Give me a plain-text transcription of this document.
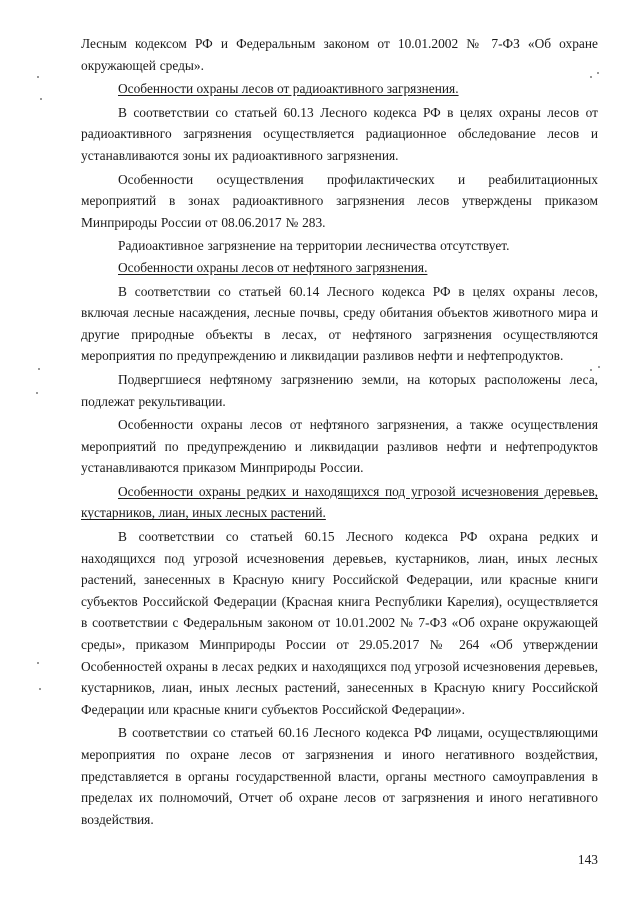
Лесным кодексом РФ и Федеральным законом от 10.01.2002 № 7-ФЗ «Об охране окружающей среды».

Особенности охраны лесов от радиоактивного загрязнения.

В соответствии со статьей 60.13 Лесного кодекса РФ в целях охраны лесов от радиоактивного загрязнения осуществляется радиационное обследование лесов и устанавливаются зоны их радиоактивного загрязнения.

Особенности осуществления профилактических и реабилитационных мероприятий в зонах радиоактивного загрязнения лесов утверждены приказом Минприроды России от 08.06.2017 № 283.

Радиоактивное загрязнение на территории лесничества отсутствует.

Особенности охраны лесов от нефтяного загрязнения.

В соответствии со статьей 60.14 Лесного кодекса РФ в целях охраны лесов, включая лесные насаждения, лесные почвы, среду обитания объектов животного мира и другие природные объекты в лесах, от нефтяного загрязнения осуществляются мероприятия по предупреждению и ликвидации разливов нефти и нефтепродуктов.

Подвергшиеся нефтяному загрязнению земли, на которых расположены леса, подлежат рекультивации.

Особенности охраны лесов от нефтяного загрязнения, а также осуществления мероприятий по предупреждению и ликвидации разливов нефти и нефтепродуктов устанавливаются приказом Минприроды России.

Особенности охраны редких и находящихся под угрозой исчезновения деревьев, кустарников, лиан, иных лесных растений.

В соответствии со статьей 60.15 Лесного кодекса РФ охрана редких и находящихся под угрозой исчезновения деревьев, кустарников, лиан, иных лесных растений, занесенных в Красную книгу Российской Федерации, или красные книги субъектов Российской Федерации (Красная книга Республики Карелия), осуществляется в соответствии с Федеральным законом от 10.01.2002 № 7-ФЗ «Об охране окружающей среды», приказом Минприроды России от 29.05.2017 № 264 «Об утверждении Особенностей охраны в лесах редких и находящихся под угрозой исчезновения деревьев, кустарников, лиан, иных лесных растений, занесенных в Красную книгу Российской Федерации или красные книги субъектов Российской Федерации».

В соответствии со статьей 60.16 Лесного кодекса РФ лицами, осуществляющими мероприятия по охране лесов от загрязнения и иного негативного воздействия, представляется в органы государственной власти, органы местного самоуправления в пределах их полномочий, Отчет об охране лесов от загрязнения и иного негативного воздействия.

143
